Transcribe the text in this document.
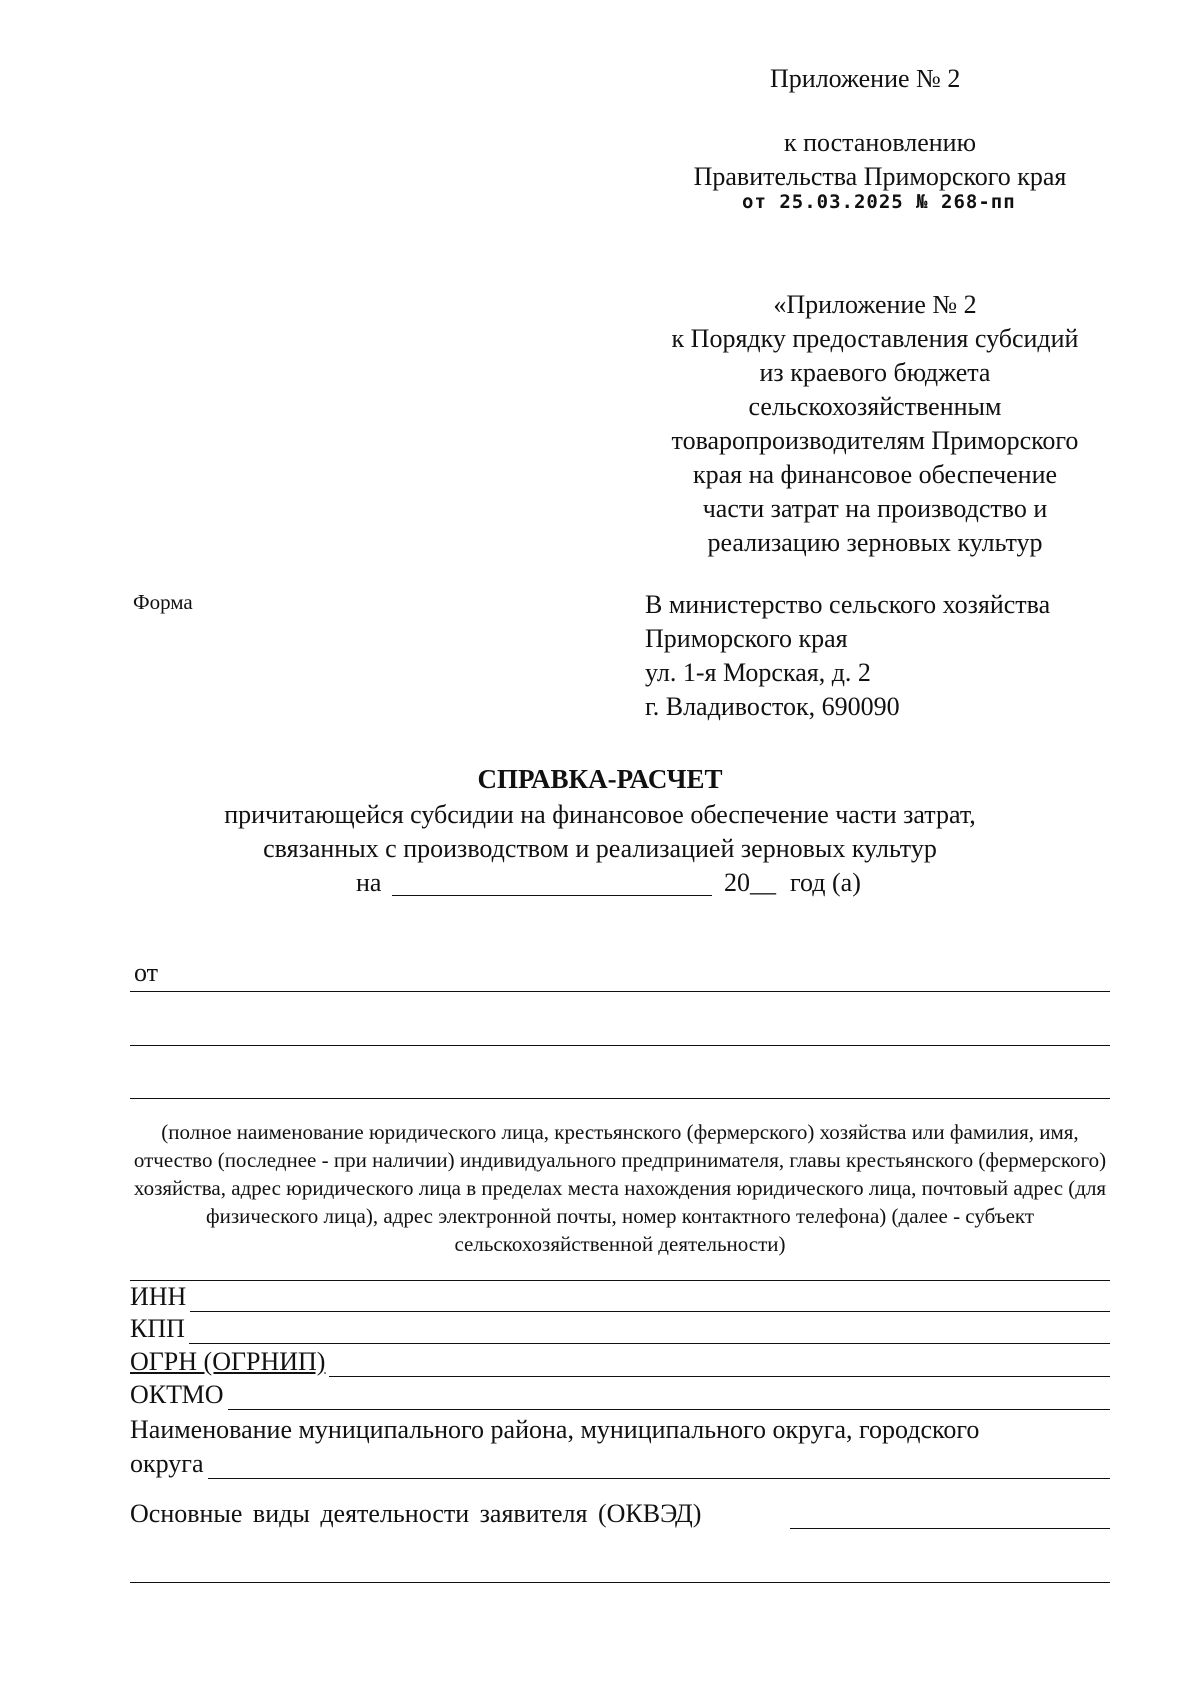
Приложение № 2
к постановлению
Правительства Приморского края
от 25.03.2025 № 268-пп
«Приложение № 2
к Порядку предоставления субсидий
из краевого бюджета
сельскохозяйственным
товаропроизводителям Приморского
края на финансовое обеспечение
части затрат на производство и
реализацию зерновых культур
Форма	В министерство сельского хозяйства
Приморского края
ул. 1-я Морская, д. 2
г. Владивосток, 690090
СПРАВКА-РАСЧЕТ
причитающейся субсидии на финансовое обеспечение части затрат,
связанных с производством и реализацией зерновых культур
на	20__ год (а)
от
(полное наименование юридического лица, крестьянского (фермерского) хозяйства или фамилия, имя, отчество (последнее - при наличии) индивидуального предпринимателя, главы крестьянского (фермерского) хозяйства, адрес юридического лица в пределах места нахождения юридического лица, почтовый адрес (для физического лица), адрес электронной почты, номер контактного телефона) (далее - субъект сельскохозяйственной деятельности)
ИНН
КПП
ОГРН (ОГРНИП)
ОКТМО
Наименование муниципального района, муниципального округа, городского
округа
Основные виды деятельности заявителя (ОКВЭД)
